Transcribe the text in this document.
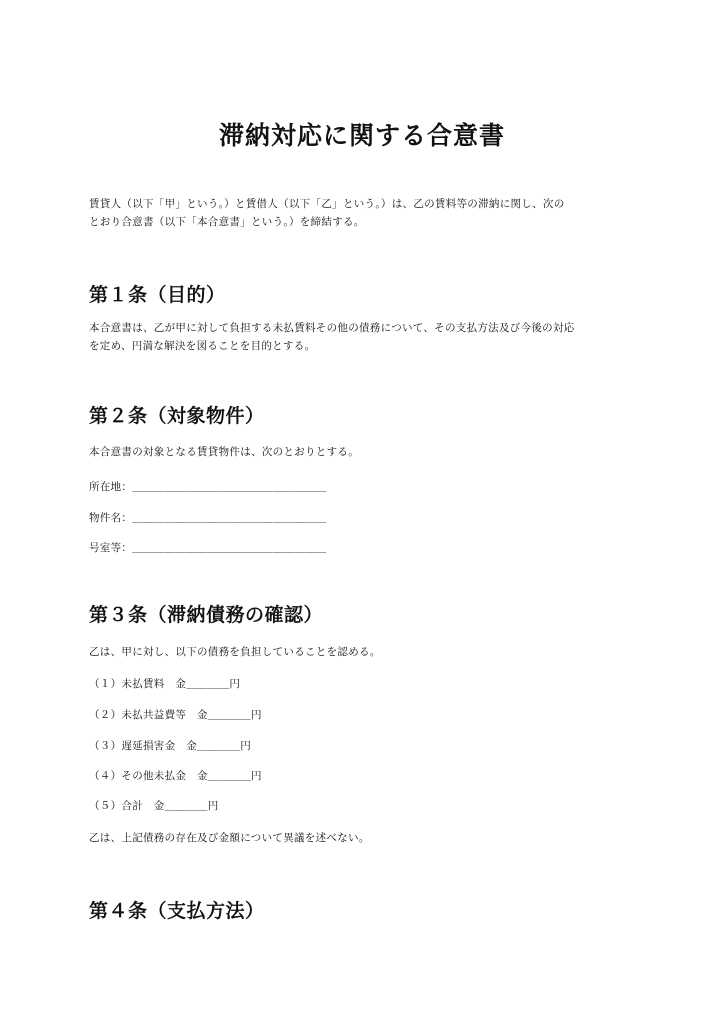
滞納対応に関する合意書
賃貸人（以下「甲」という。）と賃借人（以下「乙」という。）は、乙の賃料等の滞納に関し、次の
とおり合意書（以下「本合意書」という。）を締結する。
第１条（目的）
本合意書は、乙が甲に対して負担する未払賃料その他の債務について、その支払方法及び今後の対応
を定め、円満な解決を図ることを目的とする。
第２条（対象物件）
本合意書の対象となる賃貸物件は、次のとおりとする。
所在地：＿＿＿＿＿＿＿＿＿＿＿＿＿＿＿＿＿＿
物件名：＿＿＿＿＿＿＿＿＿＿＿＿＿＿＿＿＿＿
号室等：＿＿＿＿＿＿＿＿＿＿＿＿＿＿＿＿＿＿
第３条（滞納債務の確認）
乙は、甲に対し、以下の債務を負担していることを認める。
（１）未払賃料　金＿＿＿＿円
（２）未払共益費等　金＿＿＿＿円
（３）遅延損害金　金＿＿＿＿円
（４）その他未払金　金＿＿＿＿円
（５）合計　金＿＿＿＿円
乙は、上記債務の存在及び金額について異議を述べない。
第４条（支払方法）
